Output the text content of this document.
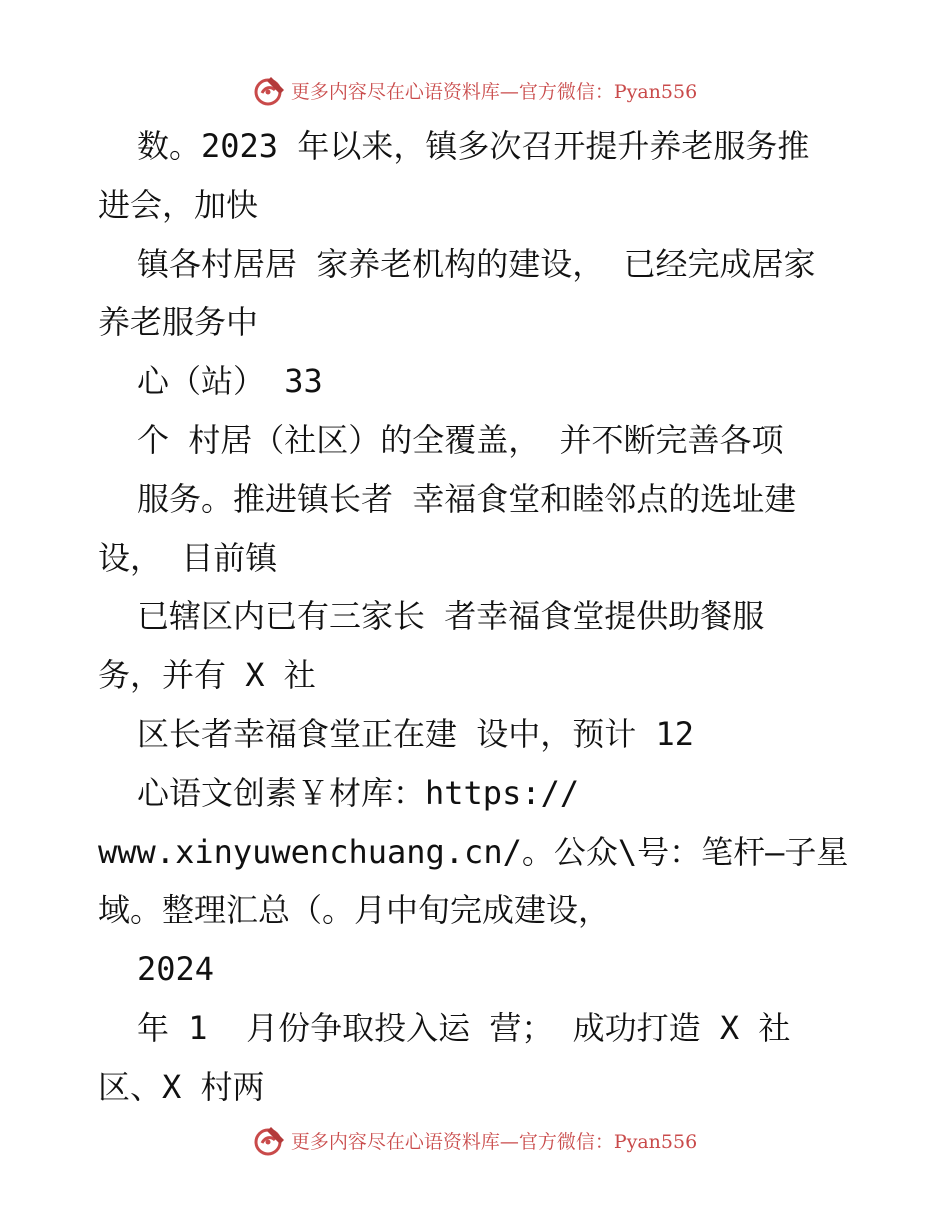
更多内容尽在心语资料库—官方微信：Pyan556
数。2023 年以来，镇多次召开提升养老服务推
进会，加快
镇各村居居 家养老机构的建设， 已经完成居家
养老服务中
心（站） 33
个 村居（社区）的全覆盖， 并不断完善各项
服务。推进镇长者 幸福食堂和睦邻点的选址建
设， 目前镇
已辖区内已有三家长 者幸福食堂提供助餐服
务，并有 X 社
区长者幸福食堂正在建 设中，预计 12
心语文创素￥材库：https://
www.xinyuwenchuang.cn/。公众\号：笔杆—子星
域。整理汇总（。月中旬完成建设，
2024
年 1  月份争取投入运 营； 成功打造 X 社
区、X 村两
更多内容尽在心语资料库—官方微信：Pyan556
